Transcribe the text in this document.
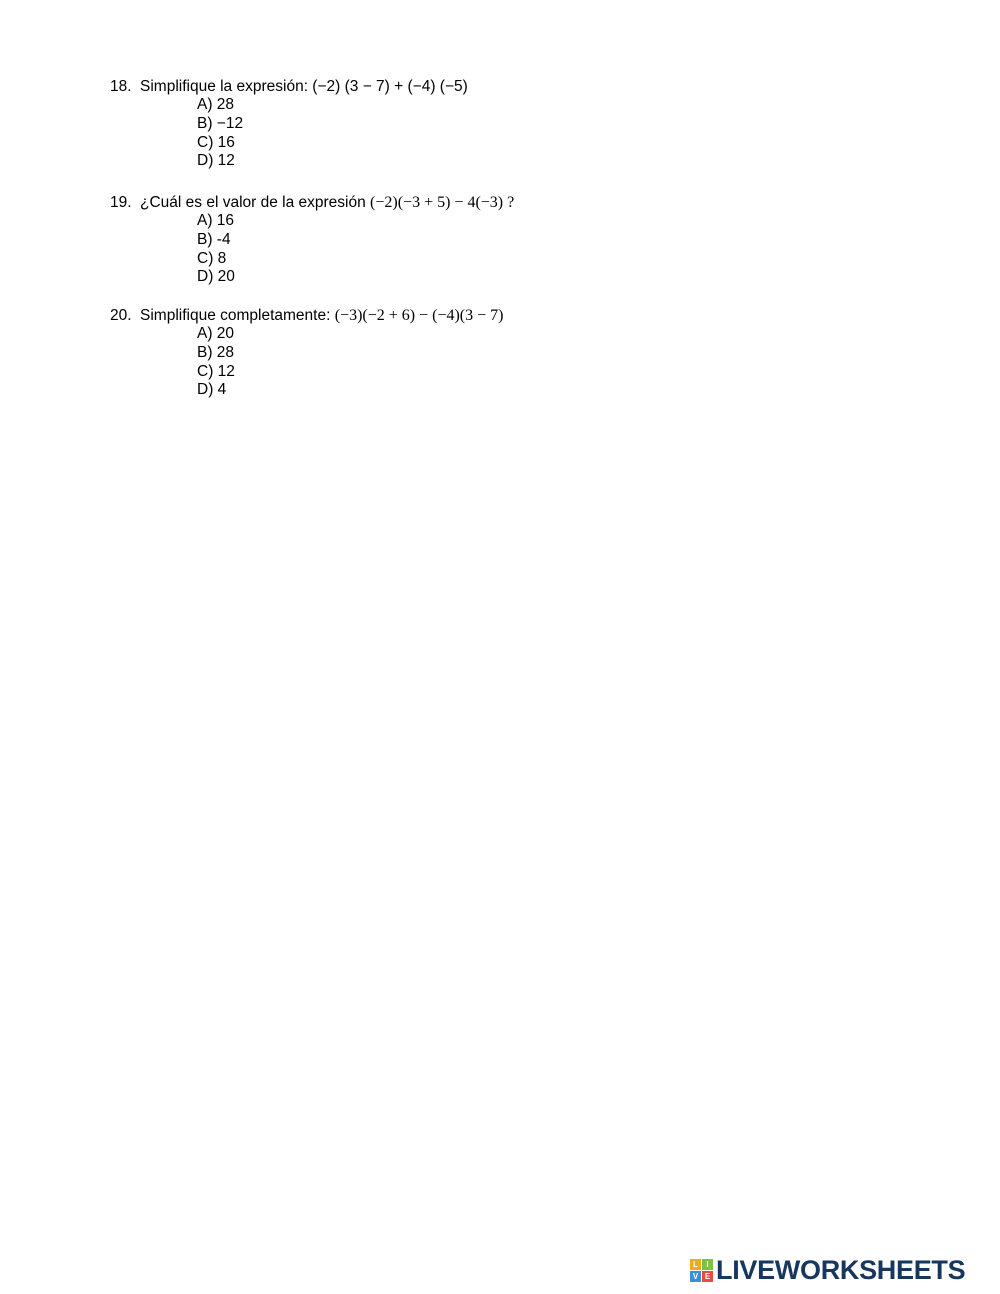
18. Simplifique la expresión: (−2) (3 − 7) + (−4) (−5)
A) 28
B) −12
C) 16
D) 12
19. ¿Cuál es el valor de la expresión (−2)(−3 + 5) − 4(−3) ?
A) 16
B) -4
C) 8
D) 20
20. Simplifique completamente: (−3)(−2 + 6) − (−4)(3 − 7)
A) 20
B) 28
C) 12
D) 4
L	I
V E LIVEWORKSHEETS
